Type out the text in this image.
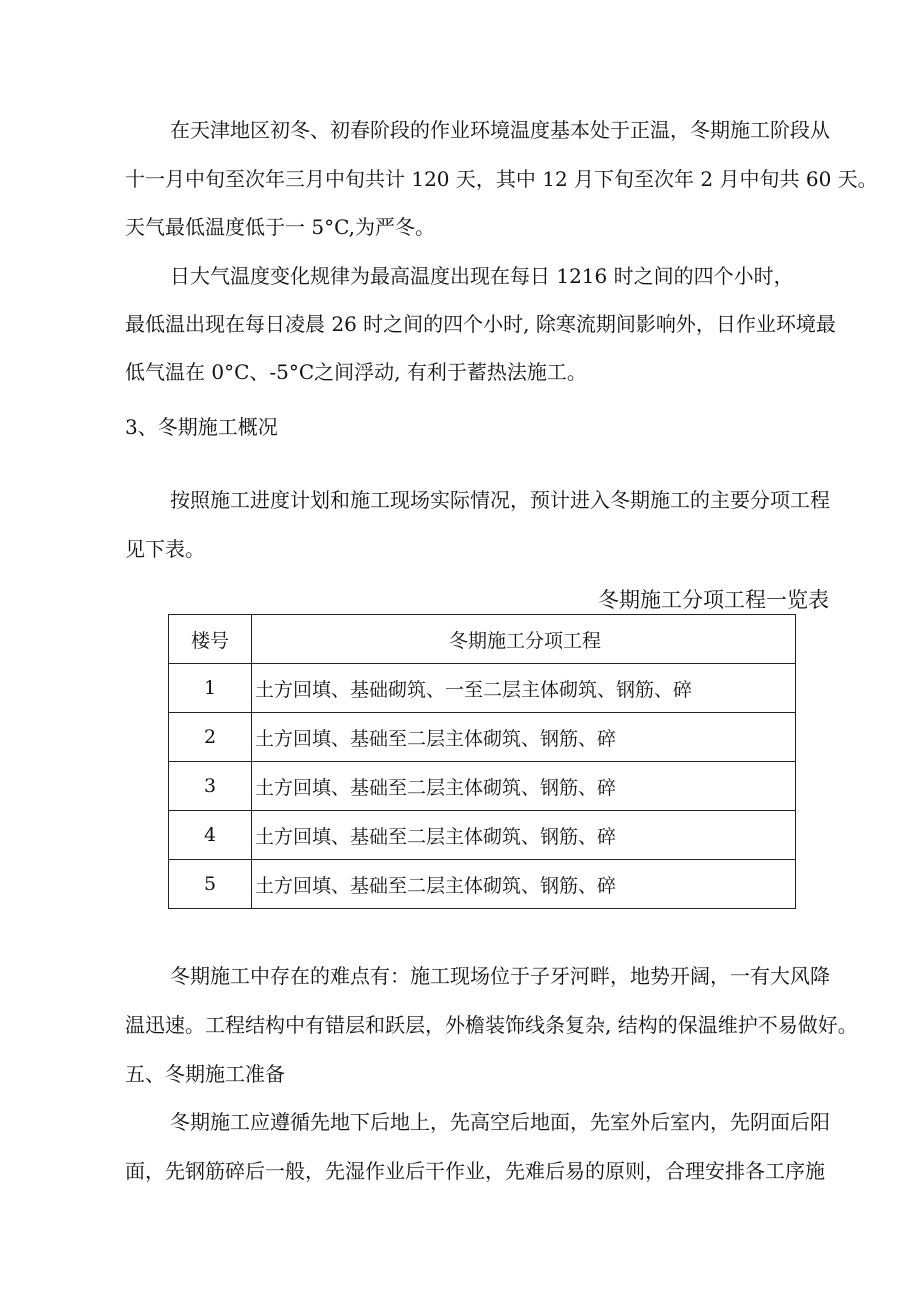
在天津地区初冬、初春阶段的作业环境温度基本处于正温，冬期施工阶段从
十一月中旬至次年三月中旬共计 120 天，其中 12 月下旬至次年 2 月中旬共 60 天。
天气最低温度低于一 5°C,为严冬。
日大气温度变化规律为最高温度出现在每日 1216 时之间的四个小时，
最低温出现在每日凌晨 26 时之间的四个小时, 除寒流期间影响外，日作业环境最
低气温在 0°C、-5°C之间浮动, 有利于蓄热法施工。
3、冬期施工概况
按照施工进度计划和施工现场实际情况，预计进入冬期施工的主要分项工程
见下表。
冬期施工分项工程一览表
楼号	冬期施工分项工程
1	土方回填、基础砌筑、一至二层主体砌筑、钢筋、碎
2	土方回填、基础至二层主体砌筑、钢筋、碎
3	土方回填、基础至二层主体砌筑、钢筋、碎
4	土方回填、基础至二层主体砌筑、钢筋、碎
5	土方回填、基础至二层主体砌筑、钢筋、碎
冬期施工中存在的难点有：施工现场位于子牙河畔，地势开阔，一有大风降
温迅速。工程结构中有错层和跃层，外檐装饰线条复杂, 结构的保温维护不易做好。
五、冬期施工准备
冬期施工应遵循先地下后地上，先高空后地面，先室外后室内，先阴面后阳
面，先钢筋碎后一般，先湿作业后干作业，先难后易的原则，合理安排各工序施
